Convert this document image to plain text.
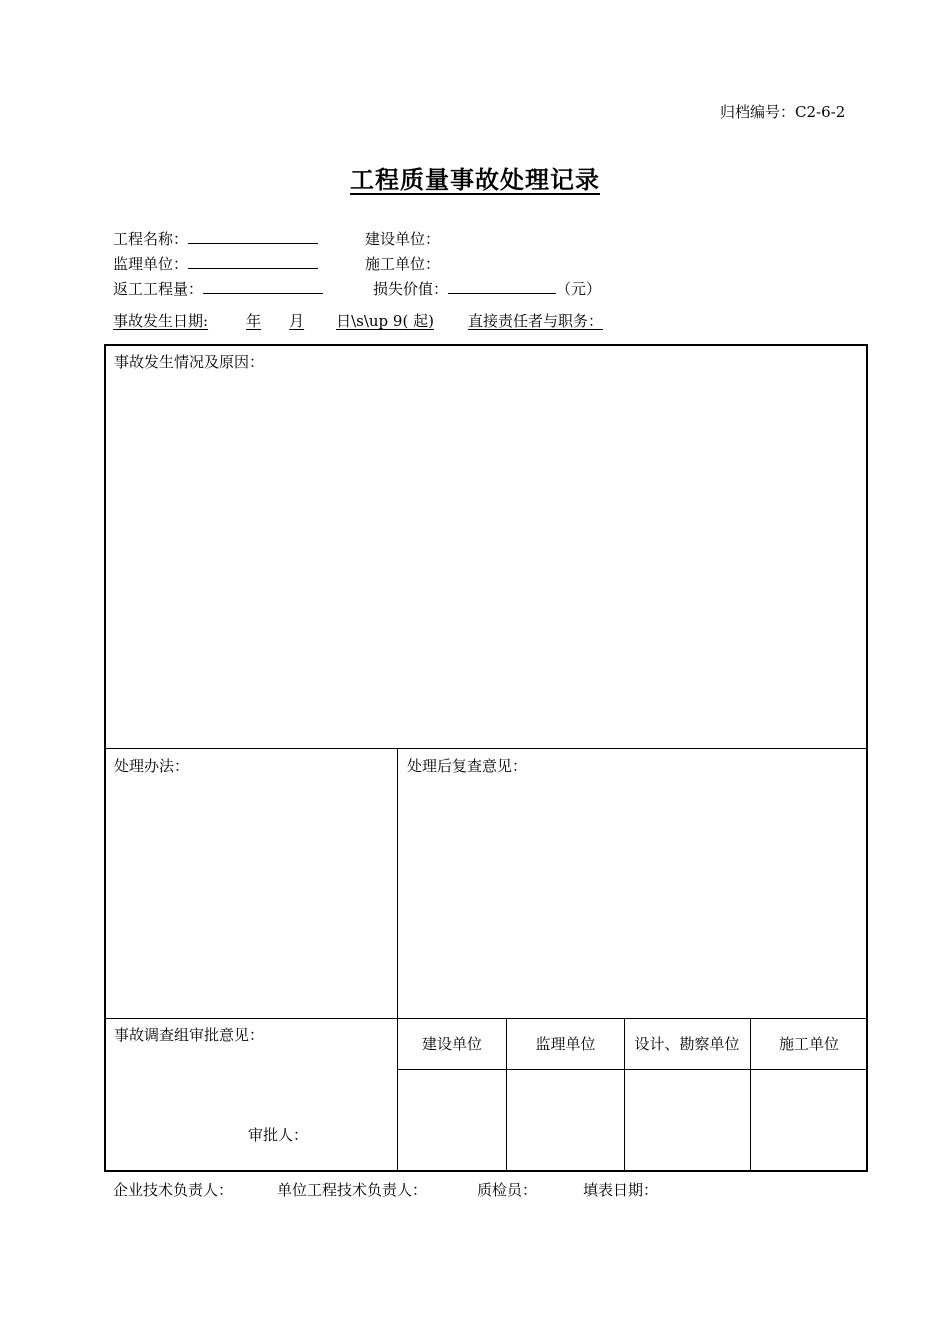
归档编号：C2-6-2
工程质量事故处理记录
工程名称：	建设单位：
监理单位：	施工单位：
返工工程量：	损失价值：	（元）
事故发生日期:	年 月 日\s\up 9( 起) 直接责任者与职务：
事故发生情况及原因：
处理办法：	处理后复查意见：
事故调查组审批意见：
审批人：
建设单位	监理单位	设计、勘察单位	施工单位
企业技术负责人：	单位工程技术负责人：	质检员：	填表日期：
